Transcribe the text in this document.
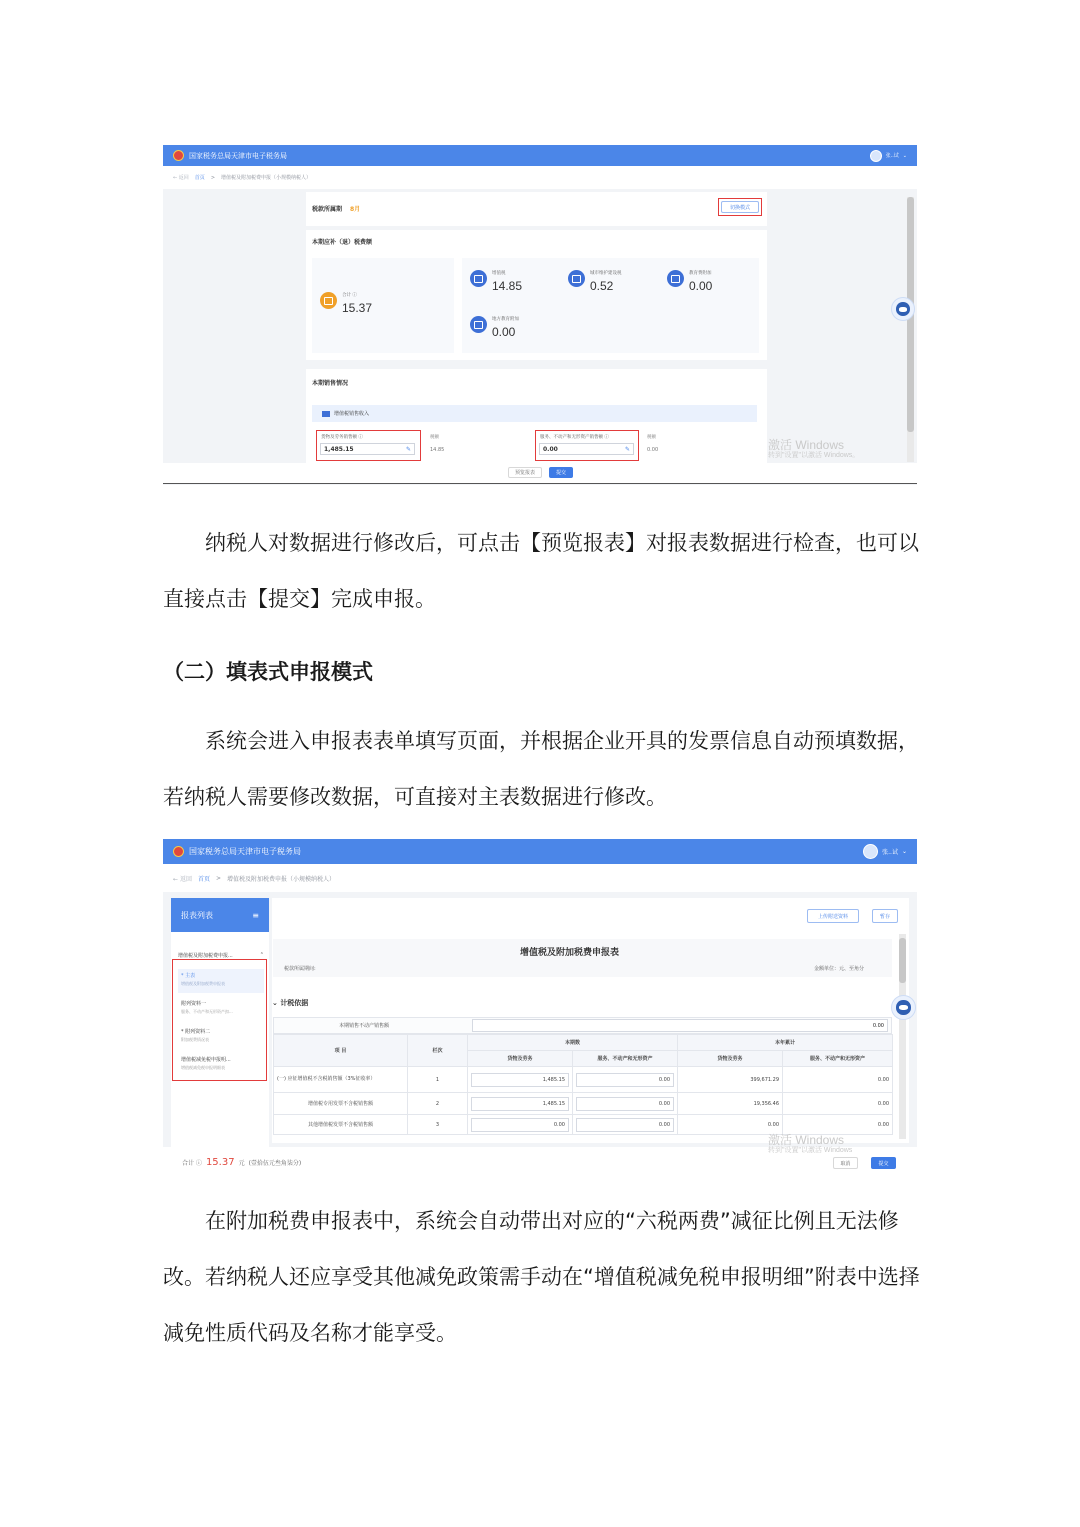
国家税务总局天津市电子税务局	张..试 ⌄
← 返回 首页 > 增值税及附加税费申报（小规模纳税人）
税款所属期 8月	切换模式
本期应补（退）税费额
合计 ⓘ
15.37
增值税
14.85
城市维护建设税
0.52
教育费附加
0.00
地方教育附加
0.00
本期销售情况
增值税销售收入
货物及劳务销售额 ⓘ
1,485.15	✎
税额
14.85
服务、不动产和无形资产销售额 ⓘ
0.00	✎
税额
0.00	激活 Windows
转到"设置"以激活 Windows。
预览报表	提交

纳税人对数据进行修改后，可点击【预览报表】对报表数据进行检查，也可以直接点击【提交】完成申报。

（二）填表式申报模式

系统会进入申报表表单填写页面，并根据企业开具的发票信息自动预填数据，若纳税人需要修改数据，可直接对主表数据进行修改。

国家税务总局天津市电子税务局	张..试 ⌄
← 返回 首页 > 增值税及附加税费申报（小规模纳税人）
报表列表	≡
增值税及附加税费申报...	⌃
* 主表
增值税及附加税费申报表
附列资料一
服务、不动产和无形资产扣...
* 附列资料二
附加税费情况表
增值税减免税申报明...
增值税减免税申报明细表
上传附送资料	暂存
增值税及附加税费申报表
税款所属期间:	金额单位：元、至角分
⌄ 计税依据
本期销售不动产销售额	0.00
项 目	栏次	本期数		本年累计	
		货物及劳务	服务、不动产和无形资产	货物及劳务	服务、不动产和无形资产
(一) 应征增值税不含税销售额（3%征收率）	1	1,485.15	0.00	399,671.29	0.00
增值税专用发票不含税销售额	2	1,485.15	0.00	19,356.46	0.00
其他增值税发票不含税销售额	3	0.00	0.00	0.00	0.00
合计 ⓘ 15.37 元 (壹拾伍元叁角柒分)
激活 Windows
转到"设置"以激活 Windows
取消	提交

在附加税费申报表中，系统会自动带出对应的“六税两费”减征比例且无法修改。若纳税人还应享受其他减免政策需手动在“增值税减免税申报明细”附表中选择减免性质代码及名称才能享受。
